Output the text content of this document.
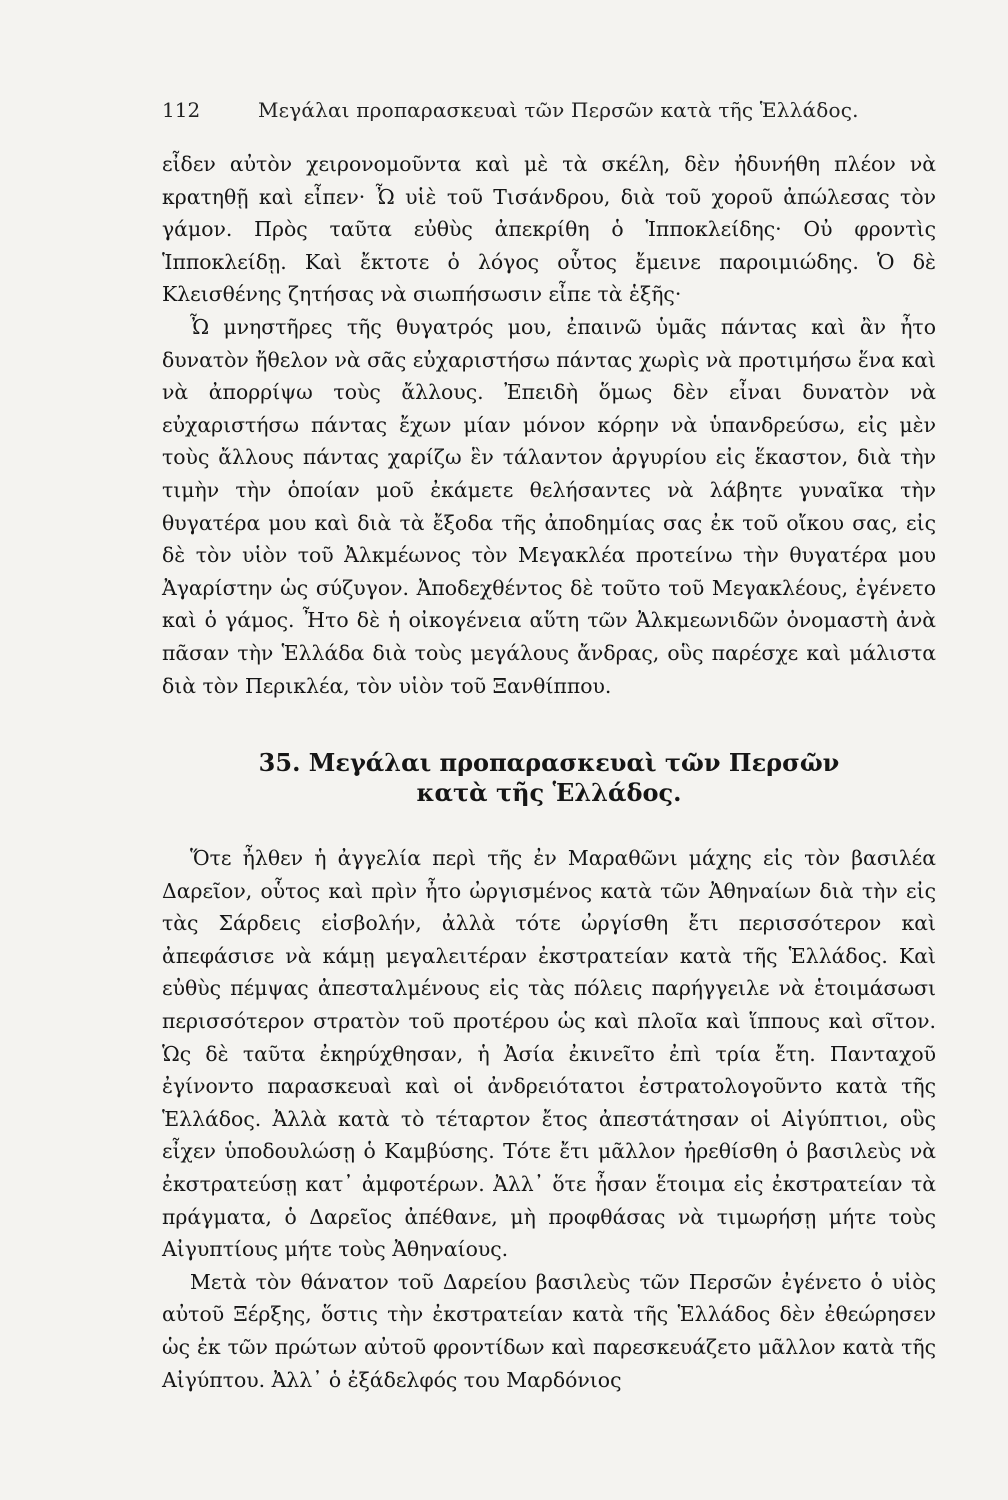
112	Μεγάλαι προπαρασκευαὶ τῶν Περσῶν κατὰ τῆς Ἑλλάδος.

εἶδεν αὐτὸν χειρονομοῦντα καὶ μὲ τὰ σκέλη, δὲν ἠδυνήθη πλέον νὰ κρατηθῇ καὶ εἶπεν· Ὦ υἱὲ τοῦ Τισάνδρου, διὰ τοῦ χοροῦ ἀπώλεσας τὸν γάμον. Πρὸς ταῦτα εὐθὺς ἀπεκρίθη ὁ Ἱπποκλείδης· Οὐ φροντὶς Ἱπποκλείδῃ. Καὶ ἔκτοτε ὁ λόγος οὗτος ἔμεινε παροιμιώδης. Ὁ δὲ Κλεισθένης ζητήσας νὰ σιωπήσωσιν εἶπε τὰ ἑξῆς·

Ὦ μνηστῆρες τῆς θυγατρός μου, ἐπαινῶ ὑμᾶς πάντας καὶ ἂν ἦτο δυνατὸν ἤθελον νὰ σᾶς εὐχαριστήσω πάντας χωρὶς νὰ προτιμήσω ἕνα καὶ νὰ ἀπορρίψω τοὺς ἄλλους. Ἐπειδὴ ὅμως δὲν εἶναι δυνατὸν νὰ εὐχαριστήσω πάντας ἔχων μίαν μόνον κόρην νὰ ὑπανδρεύσω, εἰς μὲν τοὺς ἄλλους πάντας χαρίζω ἓν τάλαντον ἀργυρίου εἰς ἕκαστον, διὰ τὴν τιμὴν τὴν ὁποίαν μοῦ ἐκάμετε θελήσαντες νὰ λάβητε γυναῖκα τὴν θυγατέρα μου καὶ διὰ τὰ ἔξοδα τῆς ἀποδημίας σας ἐκ τοῦ οἴκου σας, εἰς δὲ τὸν υἱὸν τοῦ Ἀλκμέωνος τὸν Μεγακλέα προτείνω τὴν θυγατέρα μου Ἀγαρίστην ὡς σύζυγον. Ἀποδεχθέντος δὲ τοῦτο τοῦ Μεγακλέους, ἐγένετο καὶ ὁ γάμος. Ἦτο δὲ ἡ οἰκογένεια αὕτη τῶν Ἀλκμεωνιδῶν ὀνομαστὴ ἀνὰ πᾶσαν τὴν Ἑλλάδα διὰ τοὺς μεγάλους ἄνδρας, οὓς παρέσχε καὶ μάλιστα διὰ τὸν Περικλέα, τὸν υἱὸν τοῦ Ξανθίππου.

35. Μεγάλαι προπαρασκευαὶ τῶν Περσῶν
κατὰ τῆς Ἑλλάδος.

Ὅτε ἦλθεν ἡ ἀγγελία περὶ τῆς ἐν Μαραθῶνι μάχης εἰς τὸν βασιλέα Δαρεῖον, οὗτος καὶ πρὶν ἦτο ὠργισμένος κατὰ τῶν Ἀθηναίων διὰ τὴν εἰς τὰς Σάρδεις εἰσβολήν, ἀλλὰ τότε ὠργίσθη ἔτι περισσότερον καὶ ἀπεφάσισε νὰ κάμῃ μεγαλειτέραν ἐκστρατείαν κατὰ τῆς Ἑλλάδος. Καὶ εὐθὺς πέμψας ἀπεσταλμένους εἰς τὰς πόλεις παρήγγειλε νὰ ἑτοιμάσωσι περισσότερον στρατὸν τοῦ προτέρου ὡς καὶ πλοῖα καὶ ἵππους καὶ σῖτον. Ὡς δὲ ταῦτα ἐκηρύχθησαν, ἡ Ἀσία ἐκινεῖτο ἐπὶ τρία ἔτη. Πανταχοῦ ἐγίνοντο παρασκευαὶ καὶ οἱ ἀνδρειότατοι ἐστρατολογοῦντο κατὰ τῆς Ἑλλάδος. Ἀλλὰ κατὰ τὸ τέταρτον ἔτος ἀπεστάτησαν οἱ Αἰγύπτιοι, οὓς εἶχεν ὑποδουλώσῃ ὁ Καμβύσης. Τότε ἔτι μᾶλλον ἠρεθίσθη ὁ βασιλεὺς νὰ ἐκστρατεύσῃ κατ᾽ ἀμφοτέρων. Ἀλλ᾽ ὅτε ἦσαν ἕτοιμα εἰς ἐκστρατείαν τὰ πράγματα, ὁ Δαρεῖος ἀπέθανε, μὴ προφθάσας νὰ τιμωρήσῃ μήτε τοὺς Αἰγυπτίους μήτε τοὺς Ἀθηναίους.

Μετὰ τὸν θάνατον τοῦ Δαρείου βασιλεὺς τῶν Περσῶν ἐγένετο ὁ υἱὸς αὐτοῦ Ξέρξης, ὅστις τὴν ἐκστρατείαν κατὰ τῆς Ἑλλάδος δὲν ἐθεώρησεν ὡς ἐκ τῶν πρώτων αὐτοῦ φροντίδων καὶ παρεσκευάζετο μᾶλλον κατὰ τῆς Αἰγύπτου. Ἀλλ᾽ ὁ ἐξάδελφός του Μαρδόνιος
